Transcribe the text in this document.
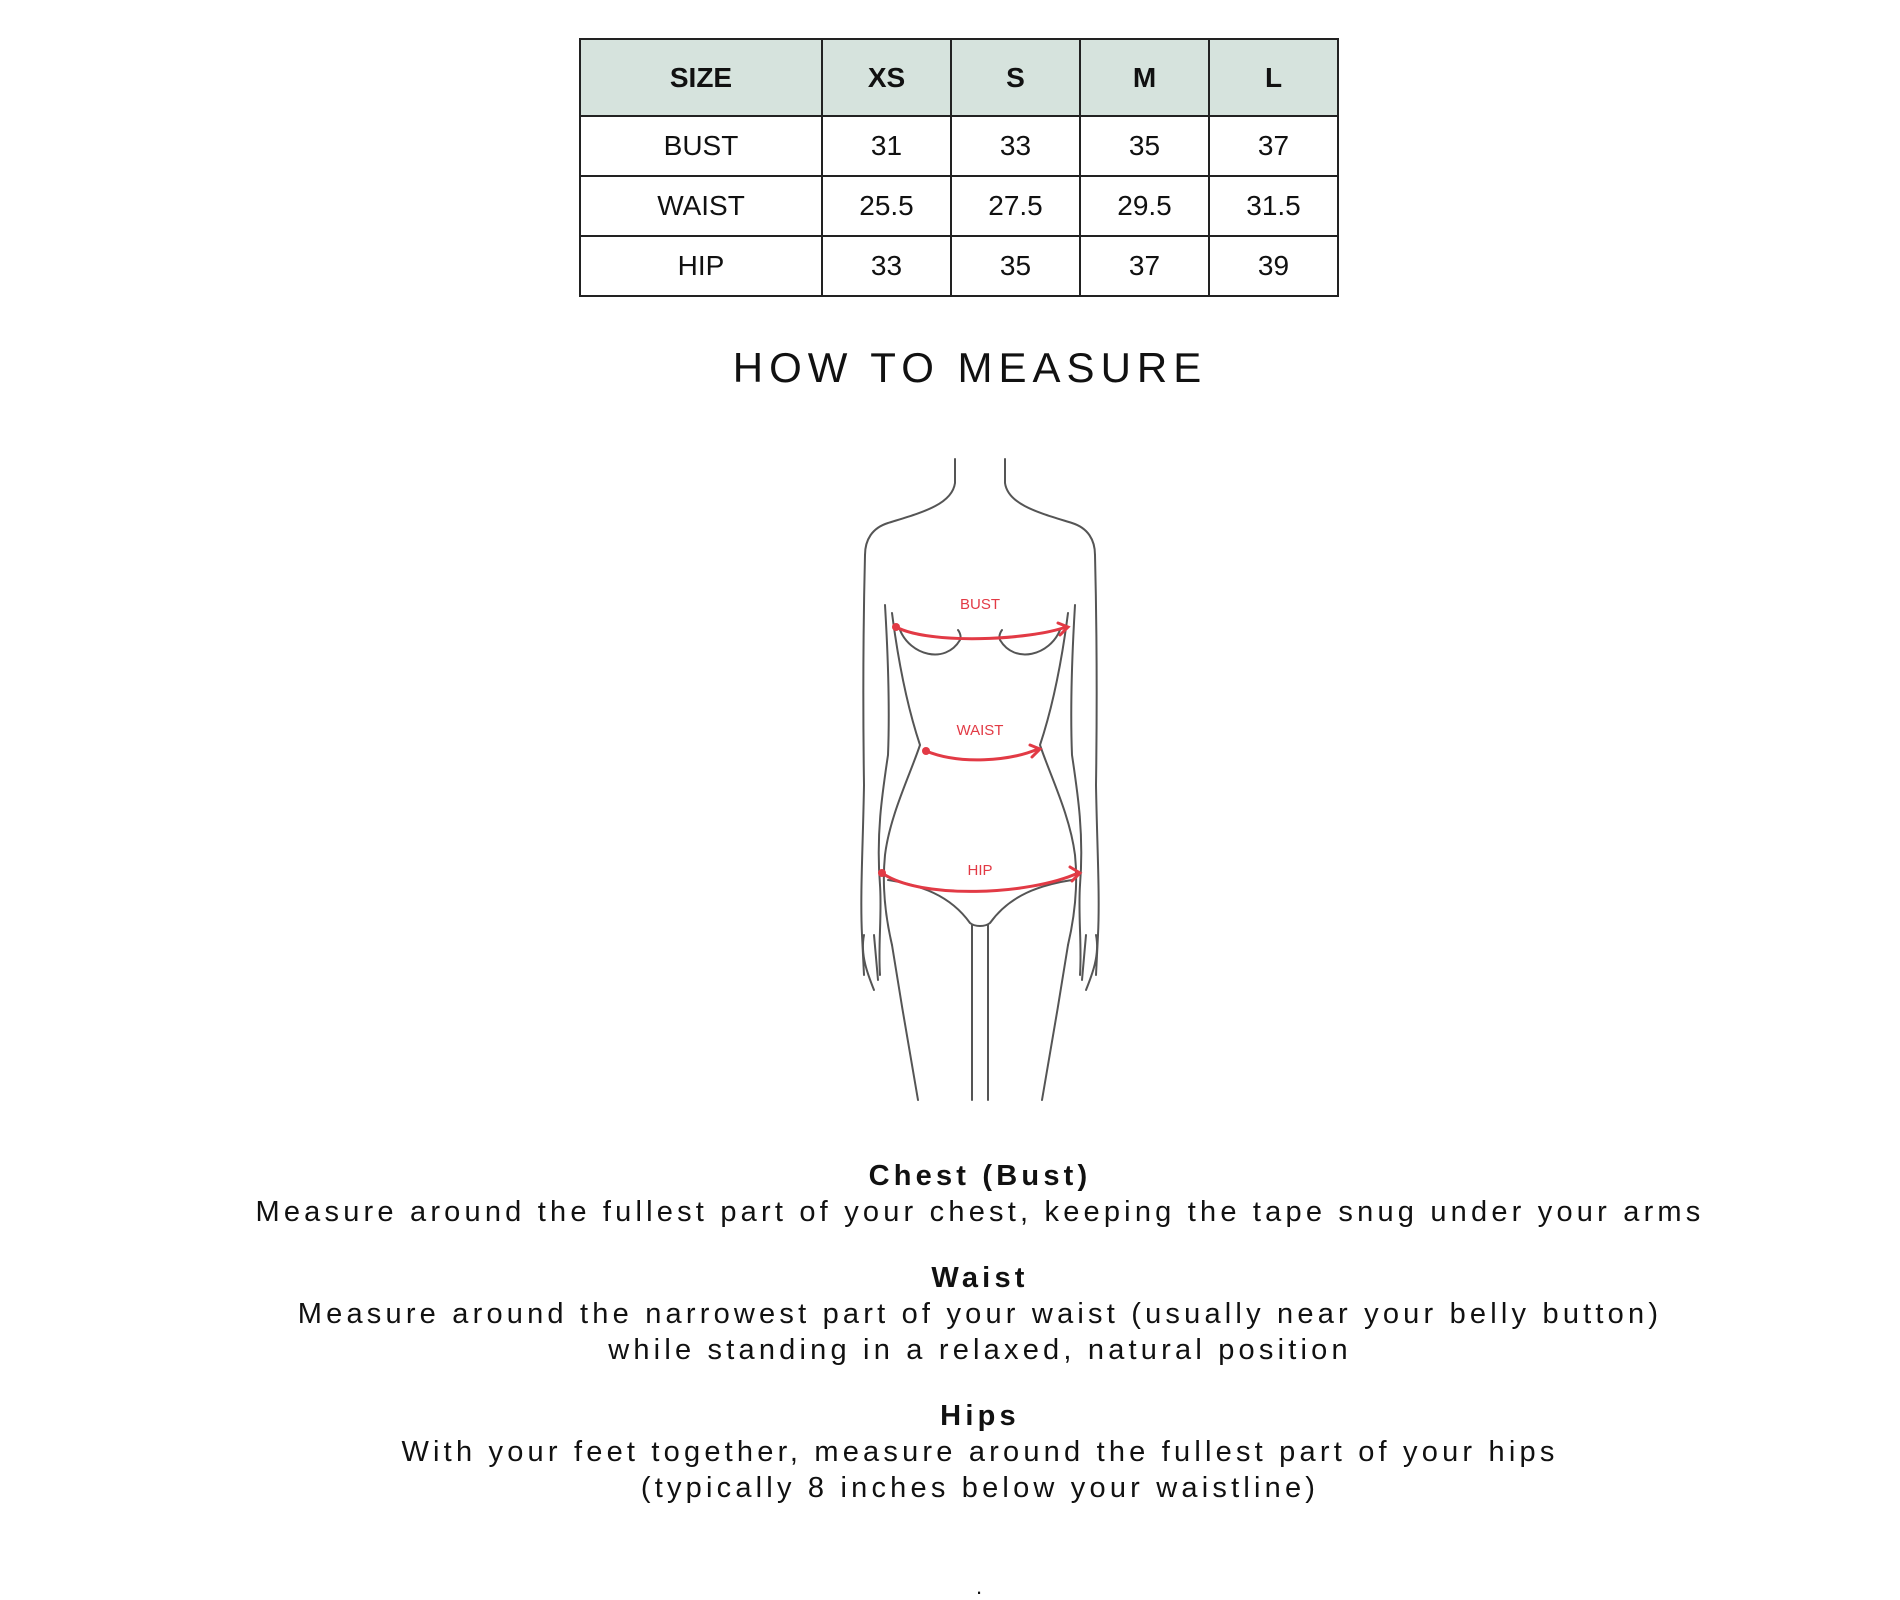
SIZE	XS	S	M	L
BUST	31	33	35	37
WAIST	25.5	27.5	29.5	31.5
HIP	33	35	37	39
HOW TO MEASURE
BUST
WAIST
HIP

Chest (Bust)

Measure around the fullest part of your chest, keeping the tape snug under your arms

Waist

Measure around the narrowest part of your waist (usually near your belly button)

while standing in a relaxed, natural position

Hips

With your feet together, measure around the fullest part of your hips

(typically 8 inches below your waistline)

.
